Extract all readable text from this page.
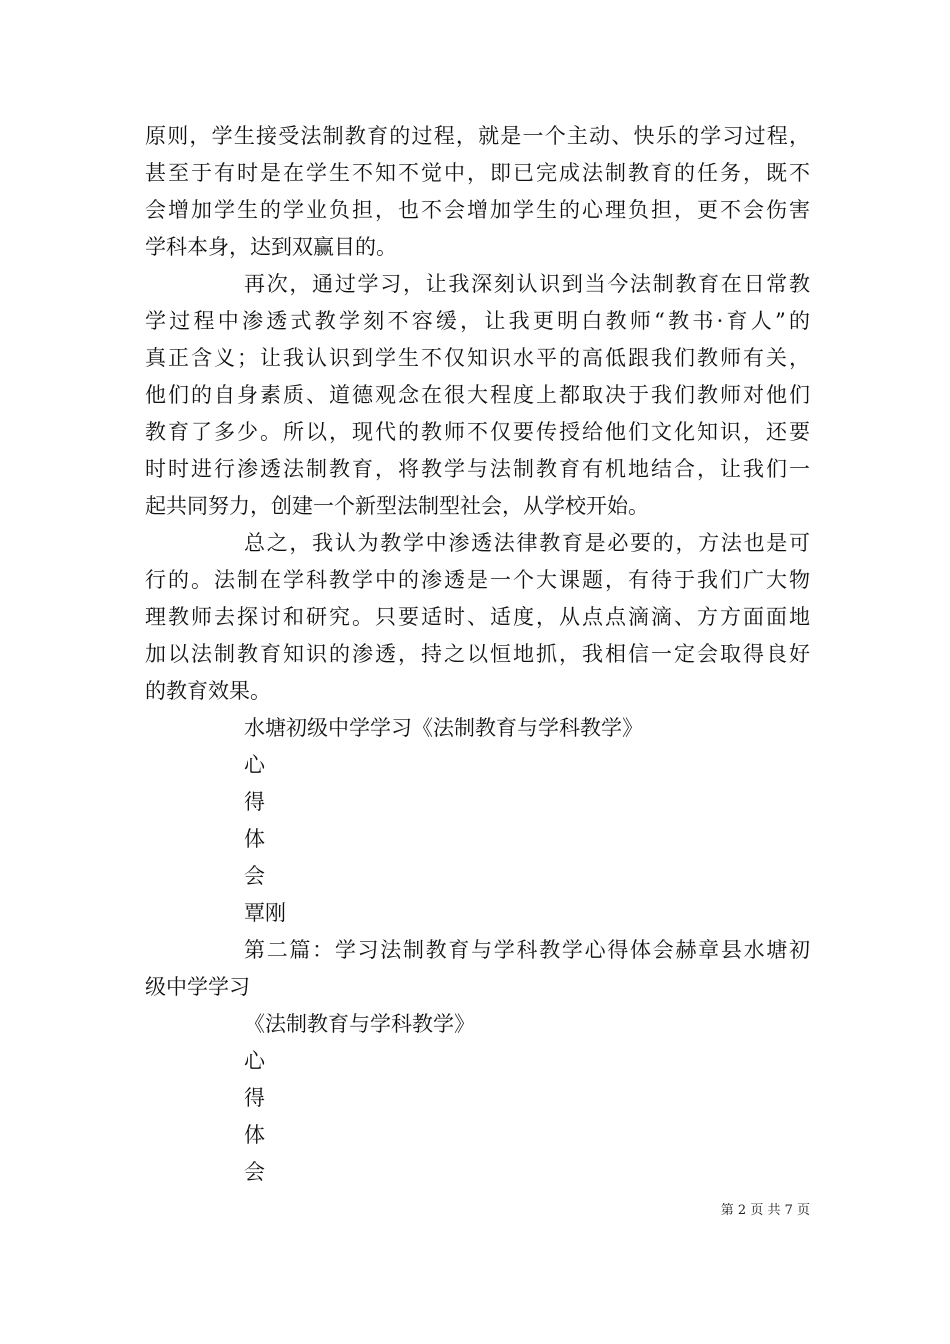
原则，学生接受法制教育的过程，就是一个主动、快乐的学习过程，
甚至于有时是在学生不知不觉中，即已完成法制教育的任务，既不
会增加学生的学业负担，也不会增加学生的心理负担，更不会伤害
学科本身，达到双赢目的。
再次，通过学习，让我深刻认识到当今法制教育在日常教
学过程中渗透式教学刻不容缓，让我更明白教师“教书·育人”的
真正含义；让我认识到学生不仅知识水平的高低跟我们教师有关，
他们的自身素质、道德观念在很大程度上都取决于我们教师对他们
教育了多少。所以，现代的教师不仅要传授给他们文化知识，还要
时时进行渗透法制教育，将教学与法制教育有机地结合，让我们一
起共同努力，创建一个新型法制型社会，从学校开始。
总之，我认为教学中渗透法律教育是必要的，方法也是可
行的。法制在学科教学中的渗透是一个大课题，有待于我们广大物
理教师去探讨和研究。只要适时、适度，从点点滴滴、方方面面地
加以法制教育知识的渗透，持之以恒地抓，我相信一定会取得良好
的教育效果。
水塘初级中学学习《法制教育与学科教学》
心
得
体
会
覃刚
第二篇：学习法制教育与学科教学心得体会赫章县水塘初
级中学学习
《法制教育与学科教学》
心
得
体
会
第 2 页 共 7 页
